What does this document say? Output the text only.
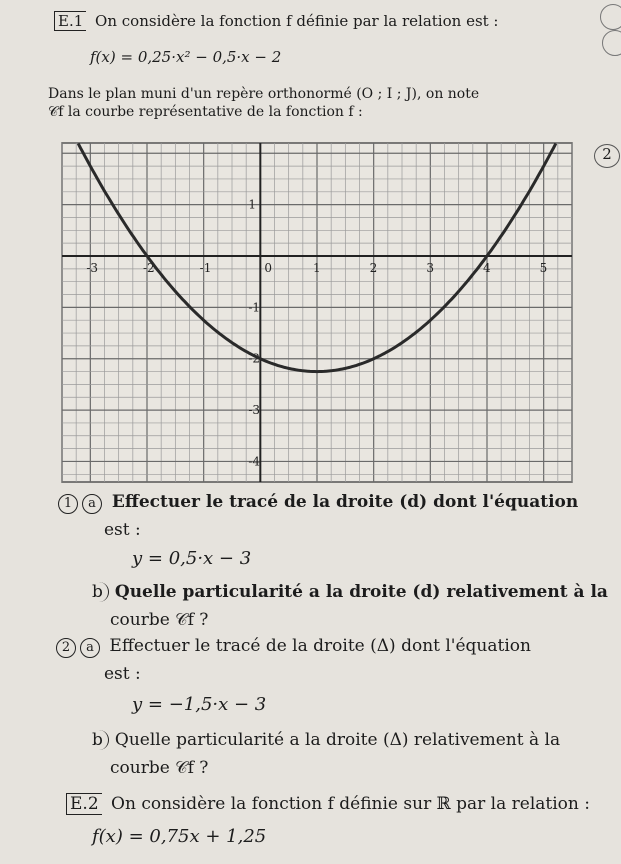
E.1 On considère la fonction f définie par la relation est :
f(x) = 0,25·x² − 0,5·x − 2
Dans le plan muni d'un repère orthonormé (O ; I ; J), on note
𝒞f la courbe représentative de la fonction f :
2
-3	-2	-1	0	1	2	3	4	5
1
-1
-2
-3
-4
1 a Effectuer le tracé de la droite (d) dont l'équation
est :
y = 0,5·x − 3
b Quelle particularité a la droite (d) relativement à la
courbe 𝒞f ?
2 a Effectuer le tracé de la droite (Δ) dont l'équation
est :
y = −1,5·x − 3
b Quelle particularité a la droite (Δ) relativement à la
courbe 𝒞f ?
E.2 On considère la fonction f définie sur ℝ par la relation :
f(x) = 0,75x + 1,25
